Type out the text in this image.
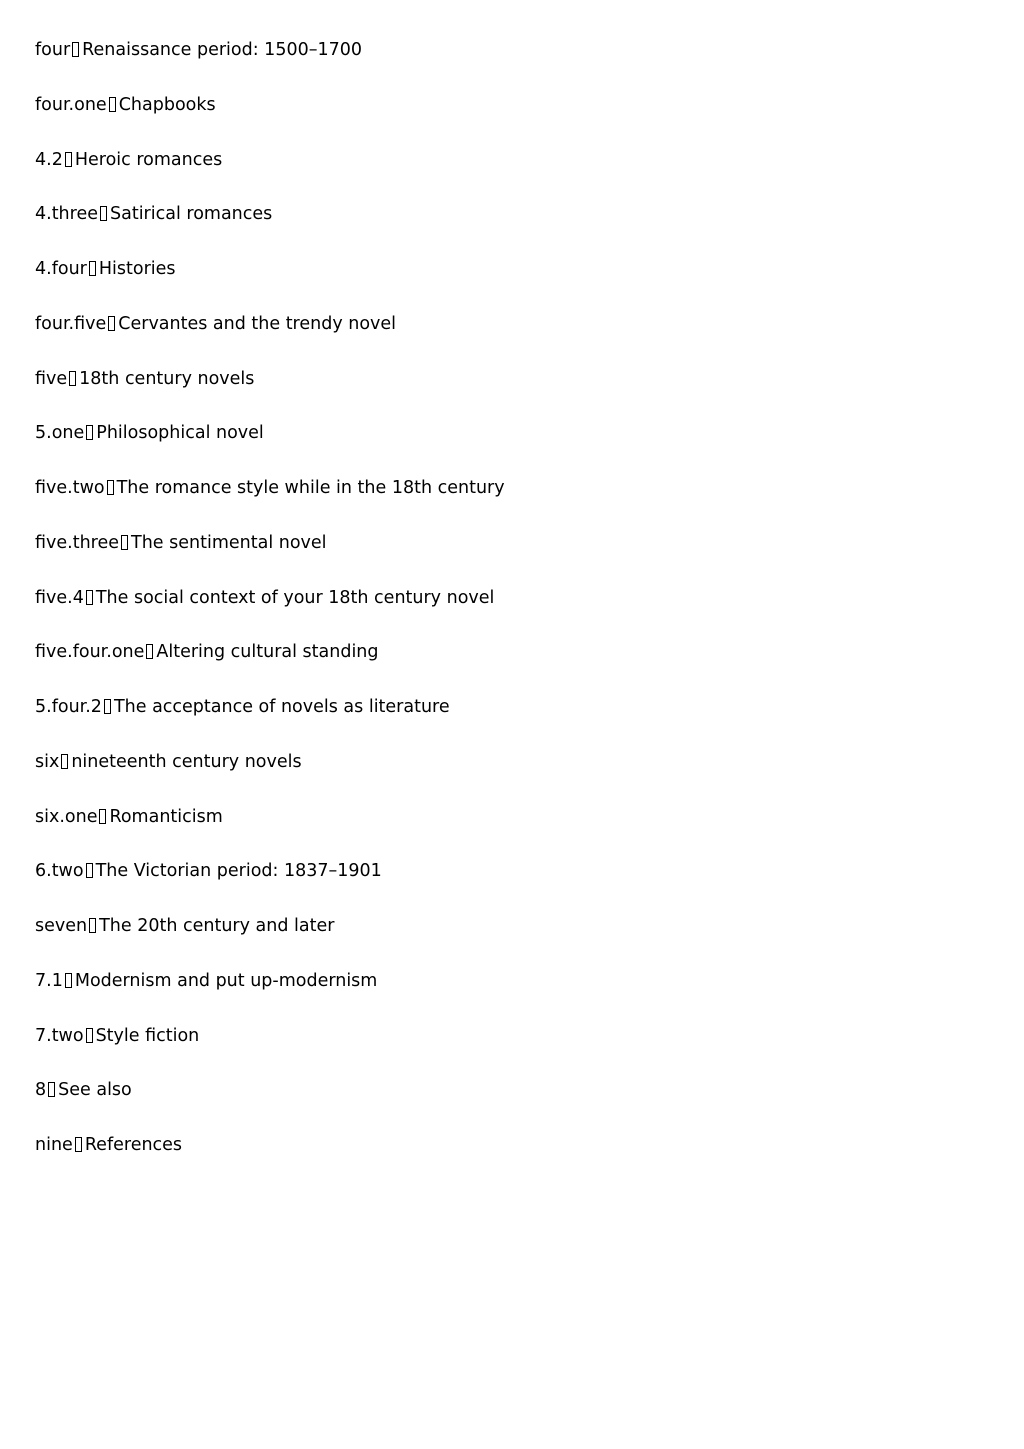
four Renaissance period: 1500–1700
four.one Chapbooks
4.2 Heroic romances
4.three Satirical romances
4.four Histories
four.five Cervantes and the trendy novel
five 18th century novels
5.one Philosophical novel
five.two The romance style while in the 18th century
five.three The sentimental novel
five.4 The social context of your 18th century novel
five.four.one Altering cultural standing
5.four.2 The acceptance of novels as literature
six nineteenth century novels
six.one Romanticism
6.two The Victorian period: 1837–1901
seven The 20th century and later
7.1 Modernism and put up-modernism
7.two Style fiction
8 See also
nine References
